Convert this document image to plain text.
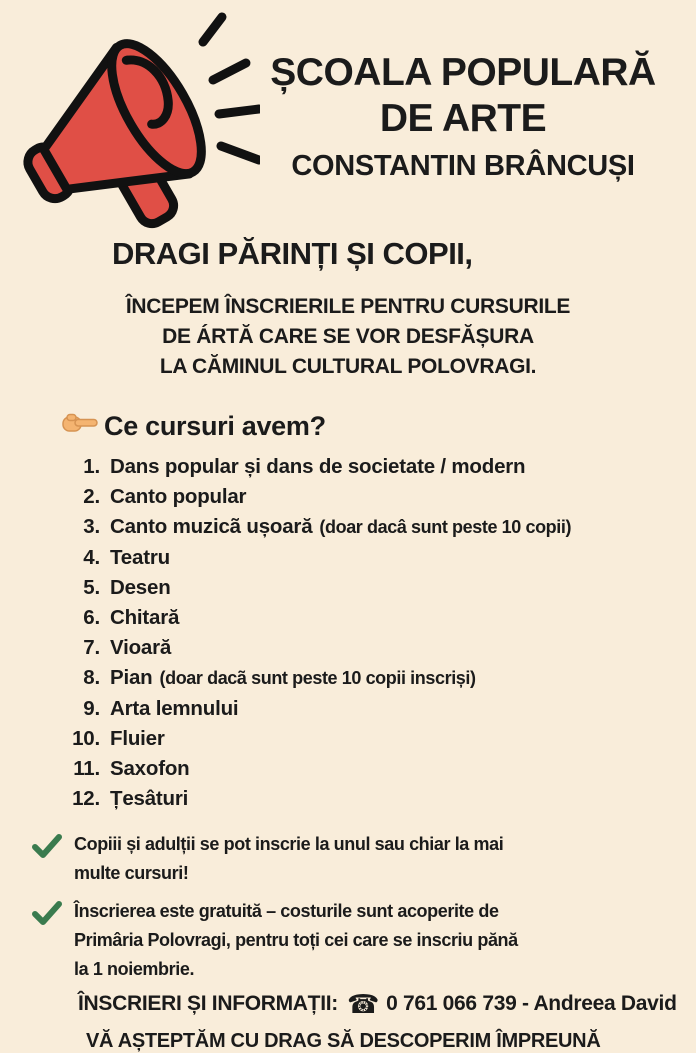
ȘCOALA POPULARĂ
DE ARTE
CONSTANTIN BRÂNCUȘI
DRAGI PĂRINȚI ȘI COPII,
ÎNCEPEM ÎNSCRIERILE PENTRU CURSURILE
DE ÁRTĂ CARE SE VOR DESFĂȘURA
LA CĂMINUL CULTURAL POLOVRAGI.
Ce cursuri avem?
1. Dans popular și dans de societate / modern
2. Canto popular
3. Canto muzicã ușoară (doar dacâ sunt peste 10 copii)
4. Teatru
5. Desen
6. Chitară
7. Vioară
8. Pian (doar dacã sunt peste 10 copii inscriși)
9. Arta lemnului
10. Fluier
11. Saxofon
12. Țesâturi
Copiii și adulții se pot inscrie la unul sau chiar la mai
multe cursuri!
Înscrierea este gratuită – costurile sunt acoperite de
Primâria Polovragi, pentru toți cei care se inscriu pănă
la 1 noiembrie.
ÎNSCRIERI ȘI INFORMAȚII: ☎ 0 761 066 739 - Andreea David
VĂ AȘTEPTĂM CU DRAG SĂ DESCOPERIM ÎMPREUNĂ
